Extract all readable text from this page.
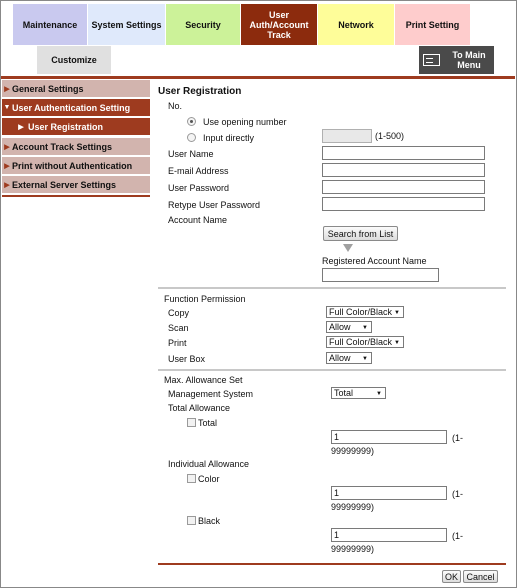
Maintenance System Settings	Security
User
Auth/Account
Track
Network	Print Setting
Customize	To Main
Menu
▶ General Settings
▼ User Authentication Setting
▶ User Registration
▶ Account Track Settings
▶ Print without Authentication
▶ External Server Settings
User Registration
No.
Use opening number
Input directly	(1-500)
User Name
E-mail Address
User Password
Retype User Password
Account Name
Search from List
Registered Account Name
Function Permission
Copy	Full Color/Black ▼
Scan	Allow ▼
Print	Full Color/Black ▼
User Box	Allow ▼
Max. Allowance Set
Management System	Total	▼
Total Allowance
Total
1	(1-
99999999)
Individual Allowance
Color
1	(1-
99999999)
Black
1	(1-
99999999)
OK Cancel
